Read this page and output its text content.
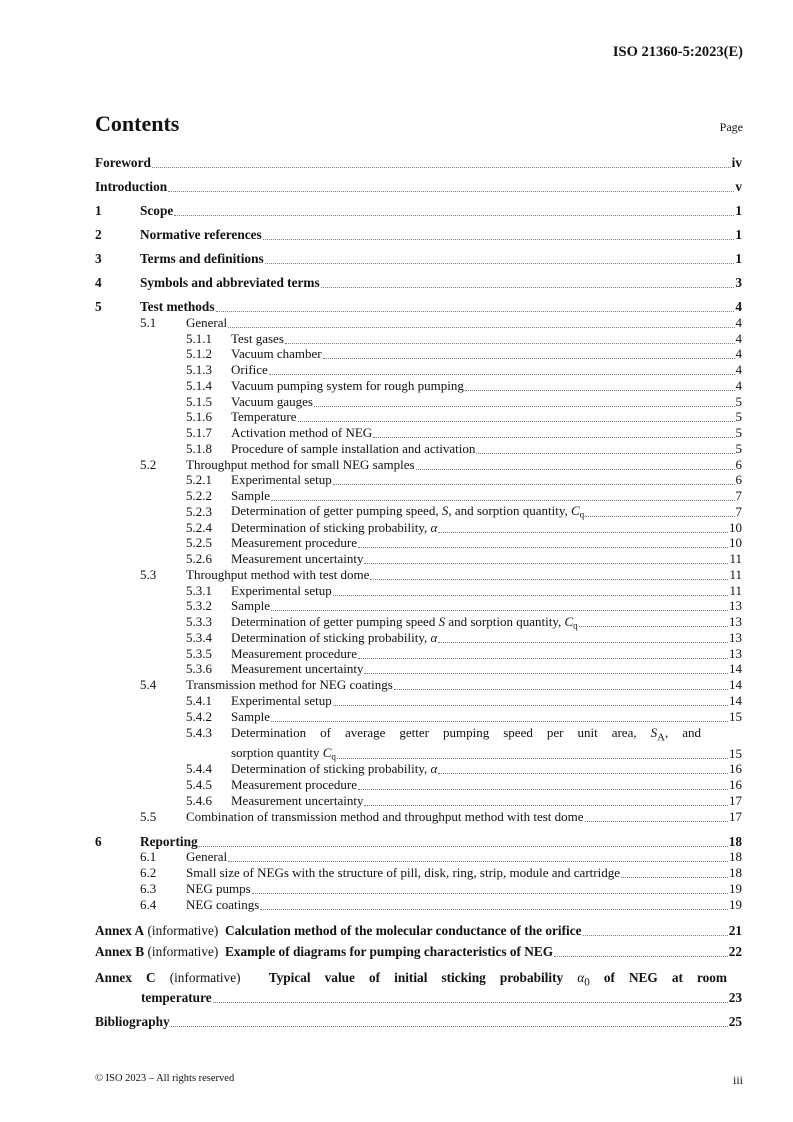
ISO 21360-5:2023(E)
Contents	Page
Foreword	iv
Introduction	v
1	Scope	1
2	Normative references	1
3	Terms and definitions	1
4	Symbols and abbreviated terms	3
5	Test methods	4
5.1	General	4
5.1.1	Test gases	4
5.1.2	Vacuum chamber	4
5.1.3	Orifice	4
5.1.4	Vacuum pumping system for rough pumping	4
5.1.5	Vacuum gauges	5
5.1.6	Temperature	5
5.1.7	Activation method of NEG	5
5.1.8	Procedure of sample installation and activation	5
5.2	Throughput method for small NEG samples	6
5.2.1	Experimental setup	6
5.2.2	Sample	7
5.2.3	Determination of getter pumping speed, S, and sorption quantity, $C_q$	7
5.2.4	Determination of sticking probability, α	10
5.2.5	Measurement procedure	10
5.2.6	Measurement uncertainty	11
5.3	Throughput method with test dome	11
5.3.1	Experimental setup	11
5.3.2	Sample	13
5.3.3	Determination of getter pumping speed S and sorption quantity, $C_q$	13
5.3.4	Determination of sticking probability, α	13
5.3.5	Measurement procedure	13
5.3.6	Measurement uncertainty	14
5.4	Transmission method for NEG coatings	14
5.4.1	Experimental setup	14
5.4.2	Sample	15
5.4.3	Determination of average getter pumping speed per unit area, $S_A$, and
sorption quantity $C_q$	15
5.4.4	Determination of sticking probability, α	16
5.4.5	Measurement procedure	16
5.4.6	Measurement uncertainty	17
5.5	Combination of transmission method and throughput method with test dome	17
6	Reporting	18
6.1	General	18
6.2	Small size of NEGs with the structure of pill, disk, ring, strip, module and cartridge	18
6.3	NEG pumps	19
6.4	NEG coatings	19
Annex A (informative)  Calculation method of the molecular conductance of the orifice	21
Annex B (informative)  Example of diagrams for pumping characteristics of NEG	22
Annex C (informative)  Typical value of initial sticking probability $\alpha_0$ of NEG at room
temperature	23
Bibliography	25
© ISO 2023 – All rights reserved	iii
